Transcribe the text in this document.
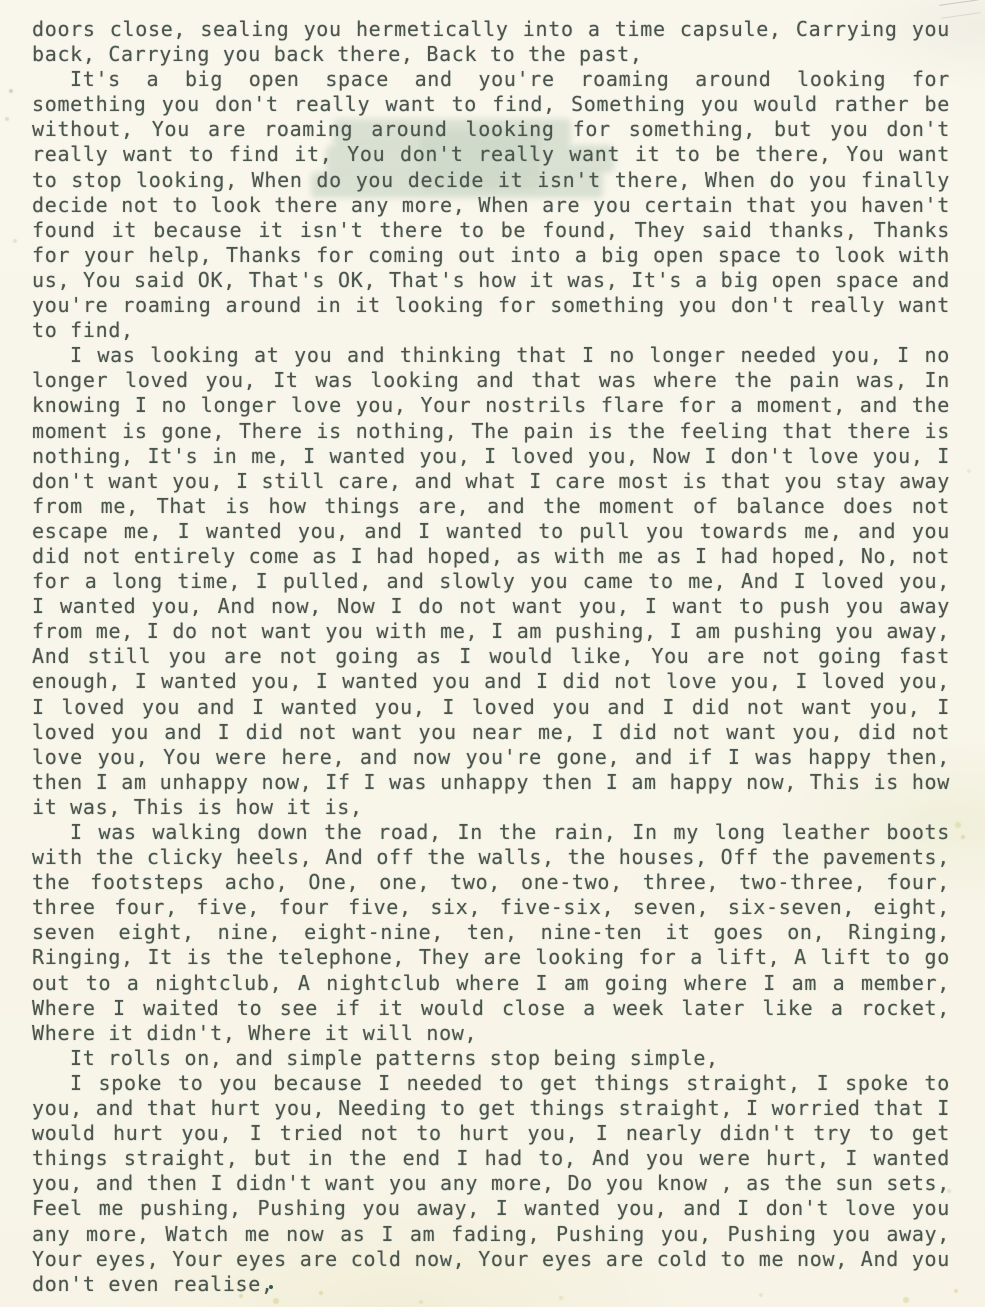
doors close, sealing you hermetically into a time capsule, Carrying you
back, Carrying you back there, Back to the past,
It's a big open space and you're roaming around looking for
something you don't really want to find, Something you would rather be
without, You are roaming around looking for something, but you don't
really want to find it, You don't really want it to be there, You want
to stop looking, When do you decide it isn't there, When do you finally
decide not to look there any more, When are you certain that you haven't
found it because it isn't there to be found, They said thanks, Thanks
for your help, Thanks for coming out into a big open space to look with
us, You said OK, That's OK, That's how it was, It's a big open space and
you're roaming around in it looking for something you don't really want
to find,
I was looking at you and thinking that I no longer needed you, I no
longer loved you, It was looking and that was where the pain was, In
knowing I no longer love you, Your nostrils flare for a moment, and the
moment is gone, There is nothing, The pain is the feeling that there is
nothing, It's in me, I wanted you, I loved you, Now I don't love you, I
don't want you, I still care, and what I care most is that you stay away
from me, That is how things are, and the moment of balance does not
escape me, I wanted you, and I wanted to pull you towards me, and you
did not entirely come as I had hoped, as with me as I had hoped, No, not
for a long time, I pulled, and slowly you came to me, And I loved you,
I wanted you, And now, Now I do not want you, I want to push you away
from me, I do not want you with me, I am pushing, I am pushing you away,
And still you are not going as I would like, You are not going fast
enough, I wanted you, I wanted you and I did not love you, I loved you,
I loved you and I wanted you, I loved you and I did not want you, I
loved you and I did not want you near me, I did not want you, did not
love you, You were here, and now you're gone, and if I was happy then,
then I am unhappy now, If I was unhappy then I am happy now, This is how
it was, This is how it is,
I was walking down the road, In the rain, In my long leather boots
with the clicky heels, And off the walls, the houses, Off the pavements,
the footsteps acho, One, one, two, one-two, three, two-three, four,
three four, five, four five, six, five-six, seven, six-seven, eight,
seven eight, nine, eight-nine, ten, nine-ten it goes on, Ringing,
Ringing, It is the telephone, They are looking for a lift, A lift to go
out to a nightclub, A nightclub where I am going where I am a member,
Where I waited to see if it would close a week later like a rocket,
Where it didn't, Where it will now,
It rolls on, and simple patterns stop being simple,
I spoke to you because I needed to get things straight, I spoke to
you, and that hurt you, Needing to get things straight, I worried that I
would hurt you, I tried not to hurt you, I nearly didn't try to get
things straight, but in the end I had to, And you were hurt, I wanted
you, and then I didn't want you any more, Do you know , as the sun sets,
Feel me pushing, Pushing you away, I wanted you, and I don't love you
any more, Watch me now as I am fading, Pushing you, Pushing you away,
Your eyes, Your eyes are cold now, Your eyes are cold to me now, And you
don't even realise,
